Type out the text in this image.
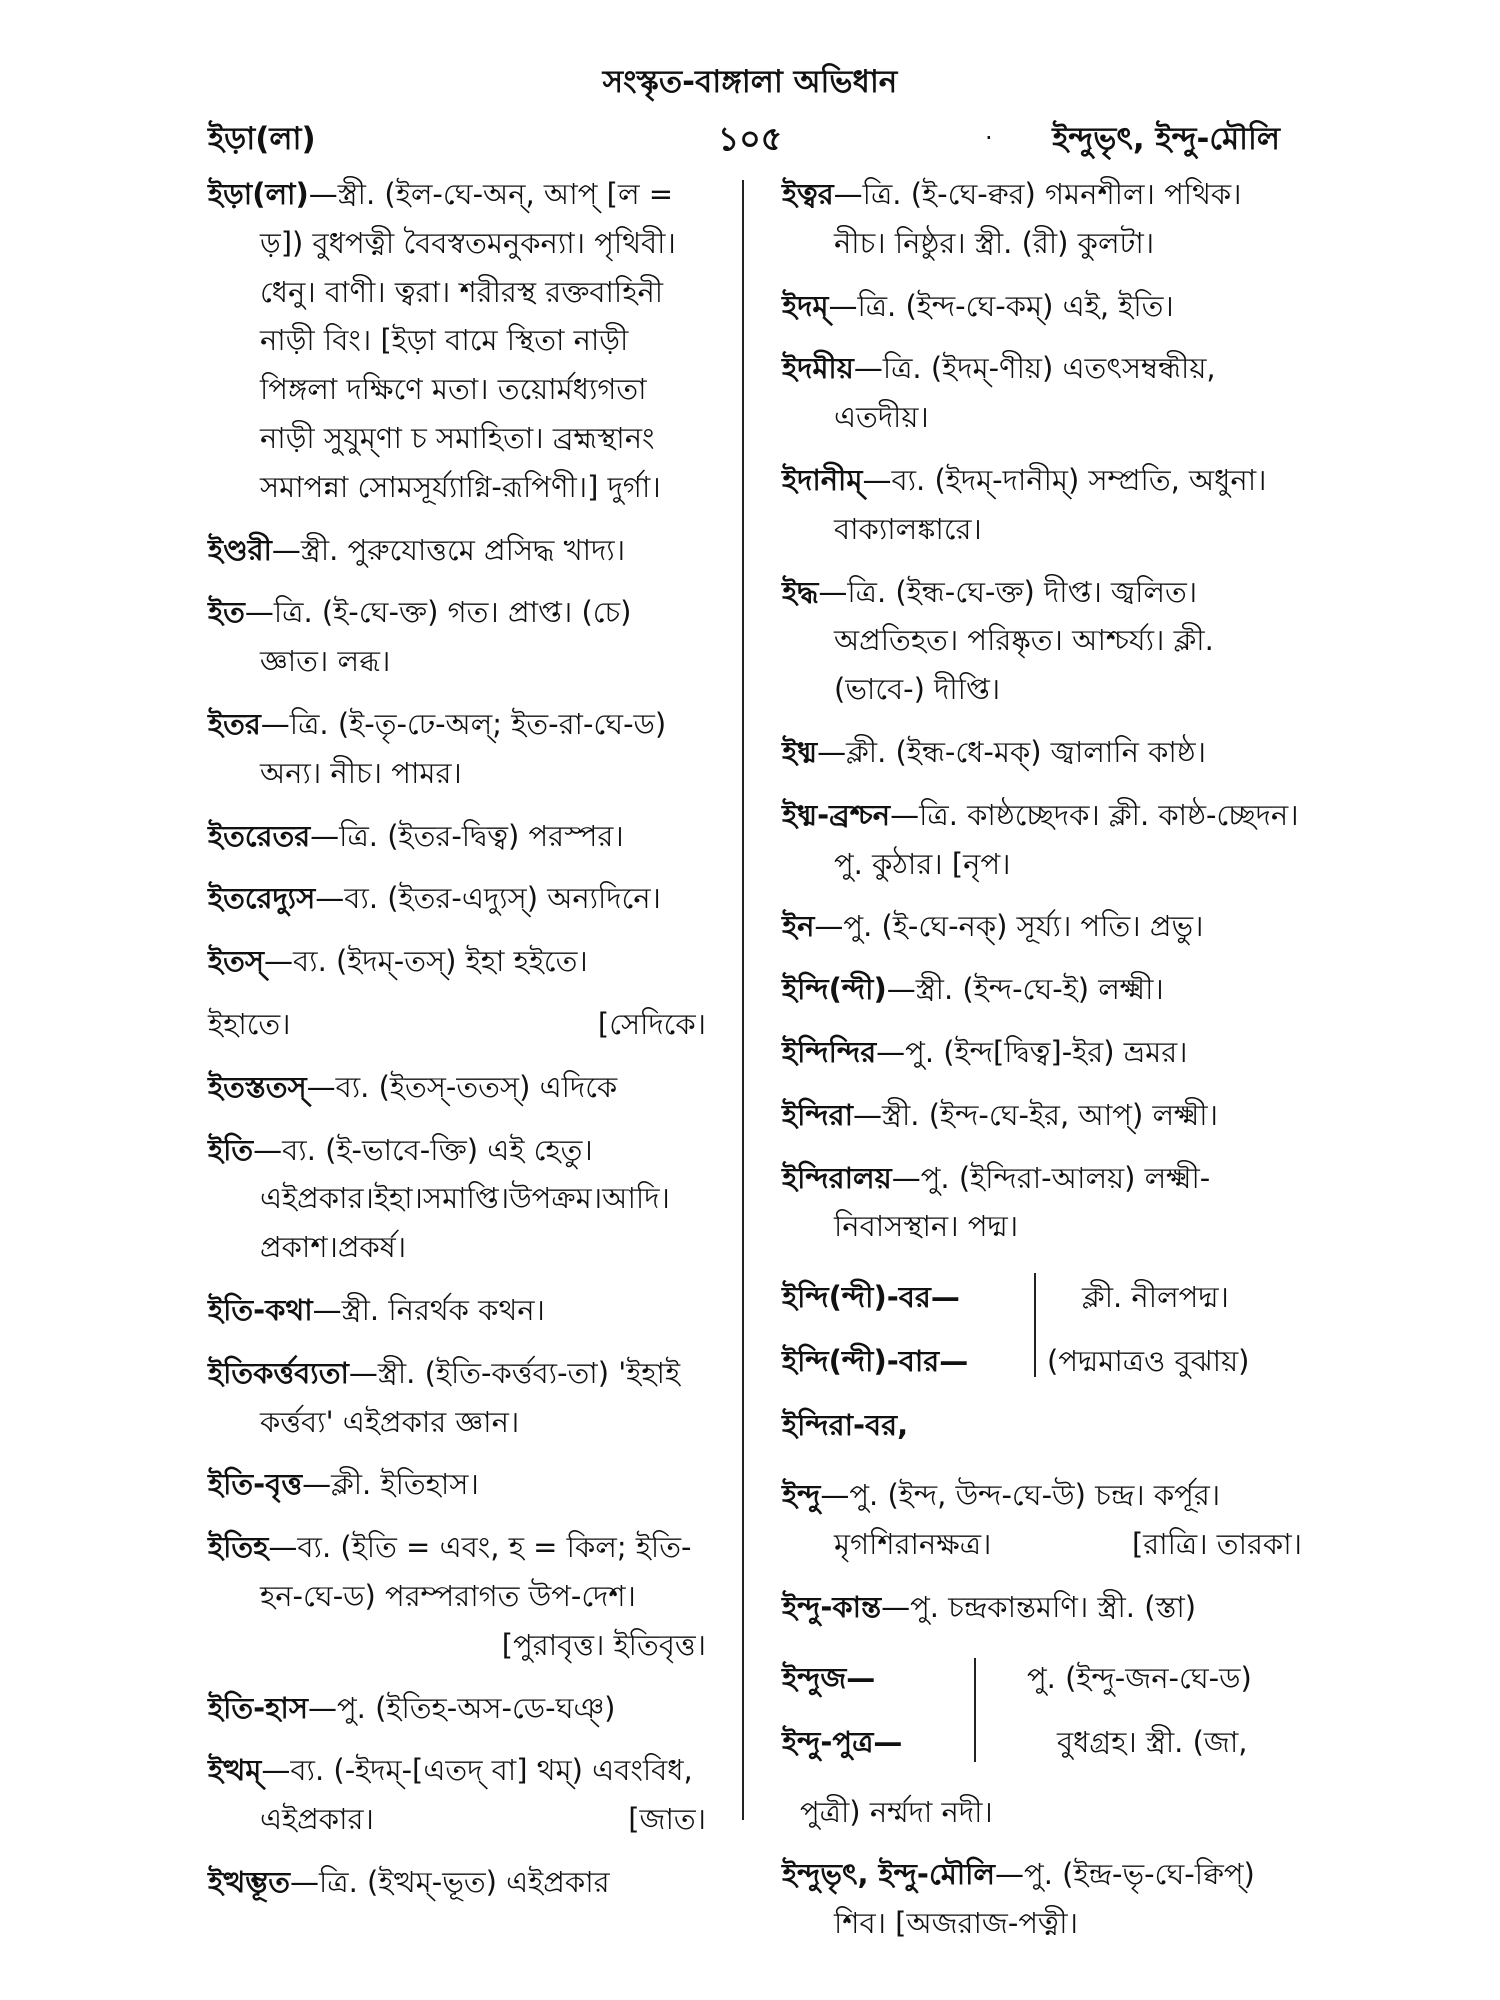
সংস্কৃত-বাঙ্গালা অভিধান
ইড়া(লা)	১০৫	· ইন্দুভৃৎ, ইন্দু-মৌলি
ইড়া(লা)—স্ত্রী. (ইল-ঘে-অন্, আপ্ [ল = ড়]) বুধপত্নী বৈবস্বতমনুকন্যা। পৃথিবী। ধেনু। বাণী। ত্বরা। শরীরস্থ রক্তবাহিনী নাড়ী বিং। [ইড়া বামে স্থিতা নাড়ী পিঙ্গলা দক্ষিণে মতা। তয়োর্মধ্যগতা নাড়ী সুযুম্ণা চ সমাহিতা। ব্রহ্মস্থানং সমাপন্না সোমসূর্য্যাগ্নি-রূপিণী।] দুর্গা।
ইণ্ডরী—স্ত্রী. পুরুযোত্তমে প্রসিদ্ধ খাদ্য।
ইত—ত্রি. (ই-ঘে-ক্ত) গত। প্রাপ্ত। (চে) জ্ঞাত। লব্ধ।
ইতর—ত্রি. (ই-তৃ-ঢে-অল্; ইত-রা-ঘে-ড) অন্য। নীচ। পামর।
ইতরেতর—ত্রি. (ইতর-দ্বিত্ব) পরস্পর।
ইতরেদ্যুস—ব্য. (ইতর-এদ্যুস্) অন্যদিনে।
ইতস্—ব্য. (ইদম্-তস্) ইহা হইতে।
ইহাতে।	[সেদিকে।
ইতস্ততস্—ব্য. (ইতস্-ততস্) এদিকে
ইতি—ব্য. (ই-ভাবে-ক্তি) এই হেতু। এইপ্রকার।ইহা।সমাপ্তি।উপক্রম।আদি। প্রকাশ।প্রকর্ষ।
ইতি-কথা—স্ত্রী. নিরর্থক কথন।
ইতিকর্ত্তব্যতা—স্ত্রী. (ইতি-কর্ত্তব্য-তা) 'ইহাই কর্ত্তব্য' এইপ্রকার জ্ঞান।
ইতি-বৃত্ত—ক্লী. ইতিহাস।
ইতিহ—ব্য. (ইতি = এবং, হ = কিল; ইতি-হন-ঘে-ড) পরম্পরাগত উপ-দেশ।
[পুরাবৃত্ত। ইতিবৃত্ত।
ইতি-হাস—পু. (ইতিহ-অস-ডে-ঘঞ্)
ইত্থম্—ব্য. (-ইদম্-[এতদ্ বা] থম্) এবংবিধ, এইপ্রকার।	[জাত।
ইত্থম্ভূত—ত্রি. (ইত্থম্-ভূত) এইপ্রকার
ইত্বর—ত্রি. (ই-ঘে-ক্বর) গমনশীল। পথিক। নীচ। নিষ্ঠুর। স্ত্রী. (রী) কুলটা।
ইদম্—ত্রি. (ইন্দ-ঘে-কম্) এই, ইতি।
ইদমীয়—ত্রি. (ইদম্-ণীয়) এতৎসম্বন্ধীয়, এতদীয়।
ইদানীম্—ব্য. (ইদম্-দানীম্) সম্প্রতি, অধুনা। বাক্যালঙ্কারে।
ইদ্ধ—ত্রি. (ইন্ধ-ঘে-ক্ত) দীপ্ত। জ্বলিত। অপ্রতিহত। পরিষ্কৃত। আশ্চর্য্য। ক্লী. (ভাবে-) দীপ্তি।
ইধ্ম—ক্লী. (ইন্ধ-ধে-মক্) জ্বালানি কাষ্ঠ।
ইধ্ম-ব্রশ্চন—ত্রি. কাষ্ঠচ্ছেদক। ক্লী. কাষ্ঠ-চ্ছেদন। পু. কুঠার। [নৃপ।
ইন—পু. (ই-ঘে-নক্) সূর্য্য। পতি। প্রভু।
ইন্দি(ন্দী)—স্ত্রী. (ইন্দ-ঘে-ই) লক্ষ্মী।
ইন্দিন্দির—পু. (ইন্দ[দ্বিত্ব]-ইর) ভ্রমর।
ইন্দিরা—স্ত্রী. (ইন্দ-ঘে-ইর, আপ্) লক্ষ্মী।
ইন্দিরালয়—পু. (ইন্দিরা-আলয়) লক্ষ্মী-নিবাসস্থান। পদ্ম।
ইন্দি(ন্দী)-বর—	ক্লী. নীলপদ্ম।
ইন্দি(ন্দী)-বার—	(পদ্মমাত্রও বুঝায়)
ইন্দিরা-বর,
ইন্দু—পু. (ইন্দ, উন্দ-ঘে-উ) চন্দ্র। কর্পূর। মৃগশিরানক্ষত্র।	[রাত্রি। তারকা।
ইন্দু-কান্ত—পু. চন্দ্রকান্তমণি। স্ত্রী. (স্তা)
ইন্দুজ—	পু. (ইন্দু-জন-ঘে-ড)
ইন্দু-পুত্র—	বুধগ্রহ। স্ত্রী. (জা,
পুত্রী) নর্ম্মদা নদী।
ইন্দুভৃৎ, ইন্দু-মৌলি—পু. (ইন্দ্র-ভৃ-ঘে-ক্বিপ্) শিব। [অজরাজ-পত্নী।
